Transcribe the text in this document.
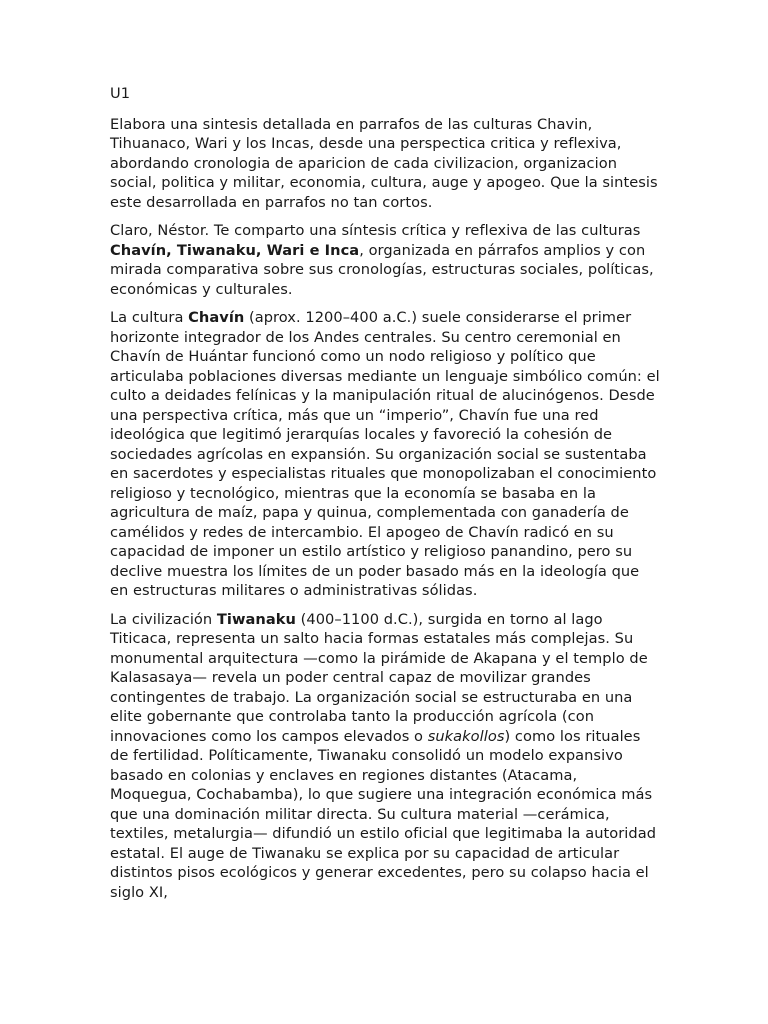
U1

Elabora una sintesis detallada en parrafos de las culturas Chavin, Tihuanaco, Wari y los Incas, desde una perspectica critica y reflexiva, abordando cronologia de aparicion de cada civilizacion, organizacion social, politica y militar, economia, cultura, auge y apogeo. Que la sintesis este desarrollada en parrafos no tan cortos.

Claro, Néstor. Te comparto una síntesis crítica y reflexiva de las culturas Chavín, Tiwanaku, Wari e Inca, organizada en párrafos amplios y con mirada comparativa sobre sus cronologías, estructuras sociales, políticas, económicas y culturales.

La cultura Chavín (aprox. 1200–400 a.C.) suele considerarse el primer horizonte integrador de los Andes centrales. Su centro ceremonial en Chavín de Huántar funcionó como un nodo religioso y político que articulaba poblaciones diversas mediante un lenguaje simbólico común: el culto a deidades felínicas y la manipulación ritual de alucinógenos. Desde una perspectiva crítica, más que un “imperio”, Chavín fue una red ideológica que legitimó jerarquías locales y favoreció la cohesión de sociedades agrícolas en expansión. Su organización social se sustentaba en sacerdotes y especialistas rituales que monopolizaban el conocimiento religioso y tecnológico, mientras que la economía se basaba en la agricultura de maíz, papa y quinua, complementada con ganadería de camélidos y redes de intercambio. El apogeo de Chavín radicó en su capacidad de imponer un estilo artístico y religioso panandino, pero su declive muestra los límites de un poder basado más en la ideología que en estructuras militares o administrativas sólidas.

La civilización Tiwanaku (400–1100 d.C.), surgida en torno al lago Titicaca, representa un salto hacia formas estatales más complejas. Su monumental arquitectura —como la pirámide de Akapana y el templo de Kalasasaya— revela un poder central capaz de movilizar grandes contingentes de trabajo. La organización social se estructuraba en una elite gobernante que controlaba tanto la producción agrícola (con innovaciones como los campos elevados o sukakollos) como los rituales de fertilidad. Políticamente, Tiwanaku consolidó un modelo expansivo basado en colonias y enclaves en regiones distantes (Atacama, Moquegua, Cochabamba), lo que sugiere una integración económica más que una dominación militar directa. Su cultura material —cerámica, textiles, metalurgia— difundió un estilo oficial que legitimaba la autoridad estatal. El auge de Tiwanaku se explica por su capacidad de articular distintos pisos ecológicos y generar excedentes, pero su colapso hacia el siglo XI,
